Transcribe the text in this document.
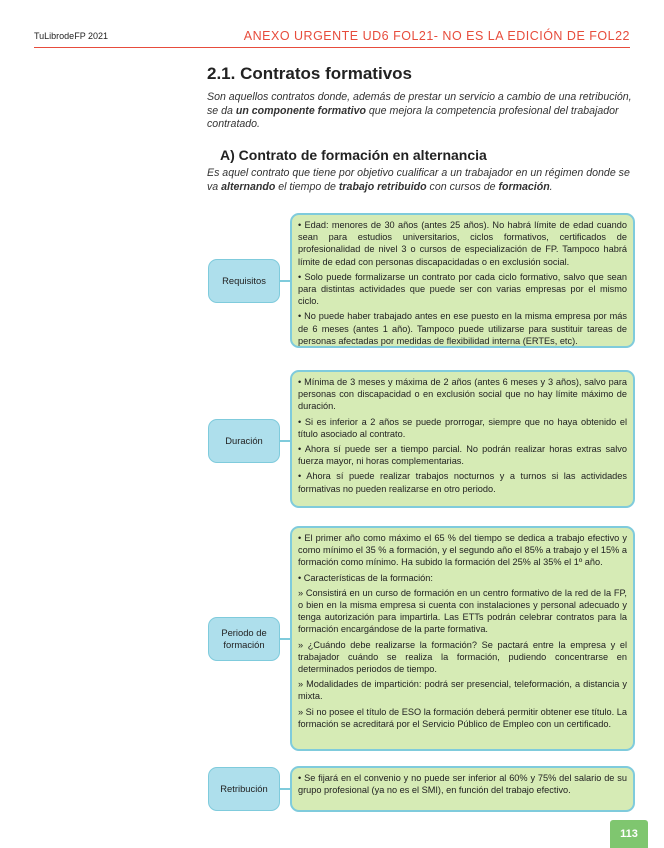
TuLibrodeFP 2021	ANEXO URGENTE UD6 FOL21- NO ES LA EDICIÓN DE FOL22
2.1. Contratos formativos
Son aquellos contratos donde, además de prestar un servicio a cambio de una retribución, se da un componente formativo que mejora la competencia profesional del trabajador contratado.
A) Contrato de formación en alternancia
Es aquel contrato que tiene por objetivo cualificar a un trabajador en un régimen donde se va alternando el tiempo de trabajo retribuido con cursos de formación.
Requisitos

• Edad: menores de 30 años (antes 25 años). No habrá límite de edad cuando sean para estudios universitarios, ciclos formativos, certificados de profesionalidad de nivel 3 o cursos de especialización de FP. Tampoco habrá límite de edad con personas discapacidadas o en exclusión social.

• Solo puede formalizarse un contrato por cada ciclo formativo, salvo que sean para distintas actividades que puede ser con varias empresas por el mismo ciclo.

• No puede haber trabajado antes en ese puesto en la misma empresa por más de 6 meses (antes 1 año). Tampoco puede utilizarse para sustituir tareas de personas afectadas por medidas de flexibilidad interna (ERTEs, etc).

Duración

• Mínima de 3 meses y máxima de 2 años (antes 6 meses y 3 años), salvo para personas con discapacidad o en exclusión social que no hay límite máximo de duración.

• Si es inferior a 2 años se puede prorrogar, siempre que no haya obtenido el título asociado al contrato.

• Ahora sí puede ser a tiempo parcial. No podrán realizar horas extras salvo fuerza mayor, ni horas complementarias.

• Ahora sí puede realizar trabajos nocturnos y a turnos si las actividades formativas no pueden realizarse en otro periodo.

Periodo de formación

• El primer año como máximo el 65 % del tiempo se dedica a trabajo efectivo y como mínimo el 35 % a formación, y el segundo año el 85% a trabajo y el 15% a formación como mínimo. Ha subido la formación del 25% al 35% el 1º año.

• Características de la formación:

» Consistirá en un curso de formación en un centro formativo de la red de la FP, o bien en la misma empresa si cuenta con instalaciones y personal adecuado y tenga autorización para impartirla. Las ETTs podrán celebrar contratos para la formación encargándose de la parte formativa.

» ¿Cuándo debe realizarse la formación? Se pactará entre la empresa y el trabajador cuándo se realiza la formación, pudiendo concentrarse en determinados periodos de tiempo.

» Modalidades de impartición: podrá ser presencial, teleformación, a distancia y mixta.

» Si no posee el título de ESO la formación deberá permitir obtener ese título. La formación se acreditará por el Servicio Público de Empleo con un certificado.

Retribución

• Se fijará en el convenio y no puede ser inferior al 60% y 75% del salario de su grupo profesional (ya no es el SMI), en función del trabajo efectivo.

113
